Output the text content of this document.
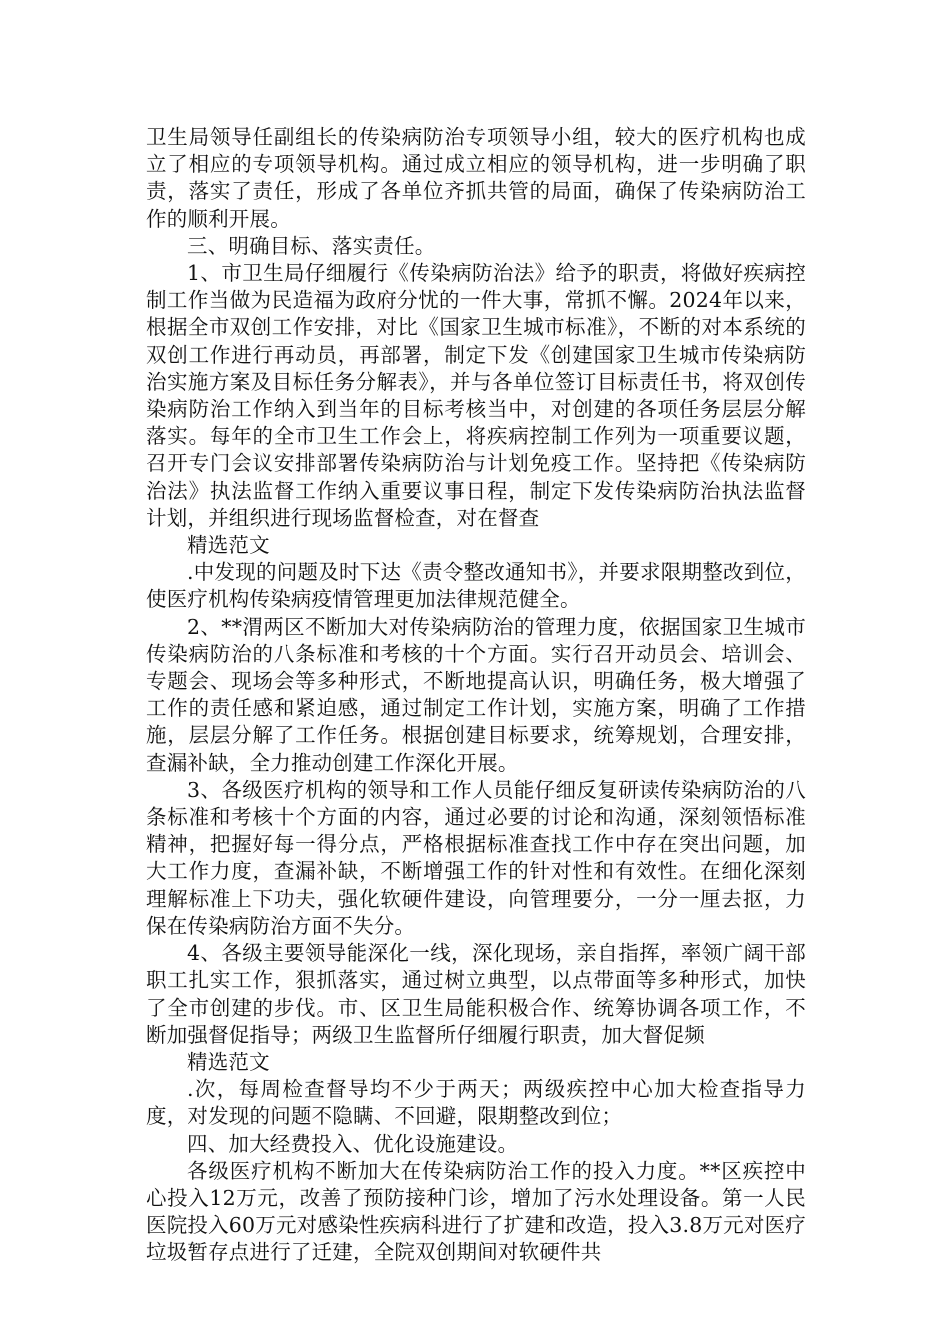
卫生局领导任副组长的传染病防治专项领导小组，较大的医疗机构也成立了相应的专项领导机构。通过成立相应的领导机构，进一步明确了职责，落实了责任，形成了各单位齐抓共管的局面，确保了传染病防治工作的顺利开展。

三、明确目标、落实责任。

1、市卫生局仔细履行《传染病防治法》给予的职责，将做好疾病控制工作当做为民造福为政府分忧的一件大事，常抓不懈。2024年以来，根据全市双创工作安排，对比《国家卫生城市标准》，不断的对本系统的双创工作进行再动员，再部署，制定下发《创建国家卫生城市传染病防治实施方案及目标任务分解表》，并与各单位签订目标责任书，将双创传染病防治工作纳入到当年的目标考核当中，对创建的各项任务层层分解落实。每年的全市卫生工作会上，将疾病控制工作列为一项重要议题，召开专门会议安排部署传染病防治与计划免疫工作。坚持把《传染病防治法》执法监督工作纳入重要议事日程，制定下发传染病防治执法监督计划，并组织进行现场监督检查，对在督查

精选范文

.中发现的问题及时下达《责令整改通知书》，并要求限期整改到位，使医疗机构传染病疫情管理更加法律规范健全。

2、**渭两区不断加大对传染病防治的管理力度，依据国家卫生城市传染病防治的八条标准和考核的十个方面。实行召开动员会、培训会、专题会、现场会等多种形式，不断地提高认识，明确任务，极大增强了工作的责任感和紧迫感，通过制定工作计划，实施方案，明确了工作措施，层层分解了工作任务。根据创建目标要求，统筹规划，合理安排，查漏补缺，全力推动创建工作深化开展。

3、各级医疗机构的领导和工作人员能仔细反复研读传染病防治的八条标准和考核十个方面的内容，通过必要的讨论和沟通，深刻领悟标准精神，把握好每一得分点，严格根据标准查找工作中存在突出问题，加大工作力度，查漏补缺，不断增强工作的针对性和有效性。在细化深刻理解标准上下功夫，强化软硬件建设，向管理要分，一分一厘去抠，力保在传染病防治方面不失分。

4、各级主要领导能深化一线，深化现场，亲自指挥，率领广阔干部职工扎实工作，狠抓落实，通过树立典型，以点带面等多种形式，加快了全市创建的步伐。市、区卫生局能积极合作、统筹协调各项工作，不断加强督促指导；两级卫生监督所仔细履行职责，加大督促频

精选范文

.次，每周检查督导均不少于两天；两级疾控中心加大检查指导力度，对发现的问题不隐瞒、不回避，限期整改到位；

四、加大经费投入、优化设施建设。

各级医疗机构不断加大在传染病防治工作的投入力度。**区疾控中心投入12万元，改善了预防接种门诊，增加了污水处理设备。第一人民医院投入60万元对感染性疾病科进行了扩建和改造，投入3.8万元对医疗垃圾暂存点进行了迁建，全院双创期间对软硬件共
